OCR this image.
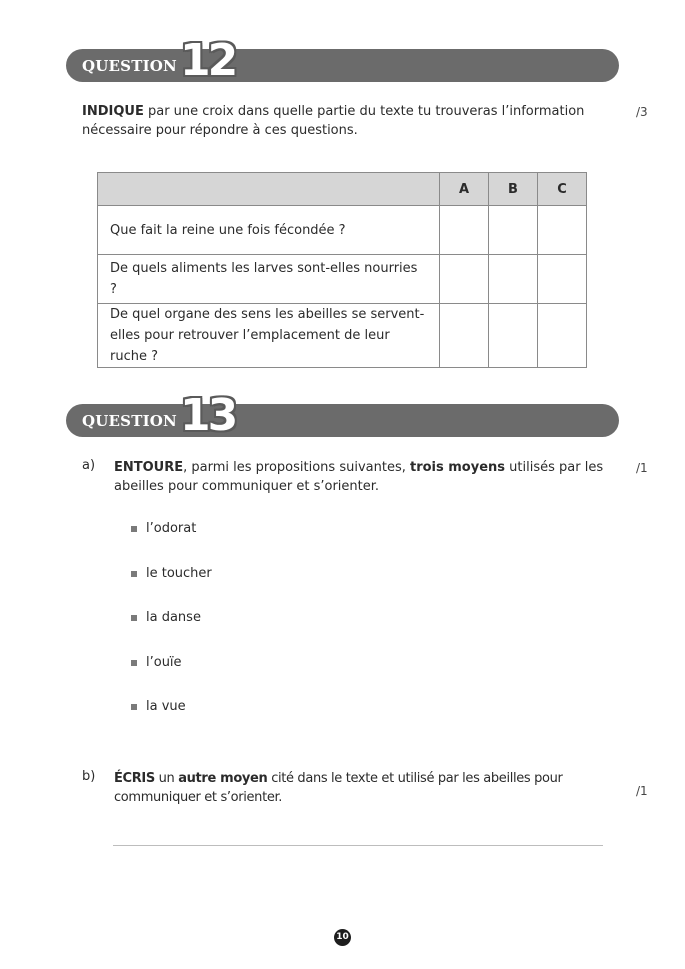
QUESTION 12
INDIQUE par une croix dans quelle partie du texte tu trouveras l’information nécessaire pour répondre à ces questions.
/3
	A	B	C
Que fait la reine une fois fécondée ?			
De quels aliments les larves sont-elles nourries ?			
De quel organe des sens les abeilles se servent-elles pour retrouver l’emplacement de leur ruche ?			
QUESTION 13
a) ENTOURE, parmi les propositions suivantes, trois moyens utilisés par les abeilles pour communiquer et s’orienter.
/1
l’odorat
le toucher
la danse
l’ouïe
la vue
b) ÉCRIS un autre moyen cité dans le texte et utilisé par les abeilles pour communiquer et s’orienter.	/1
10
